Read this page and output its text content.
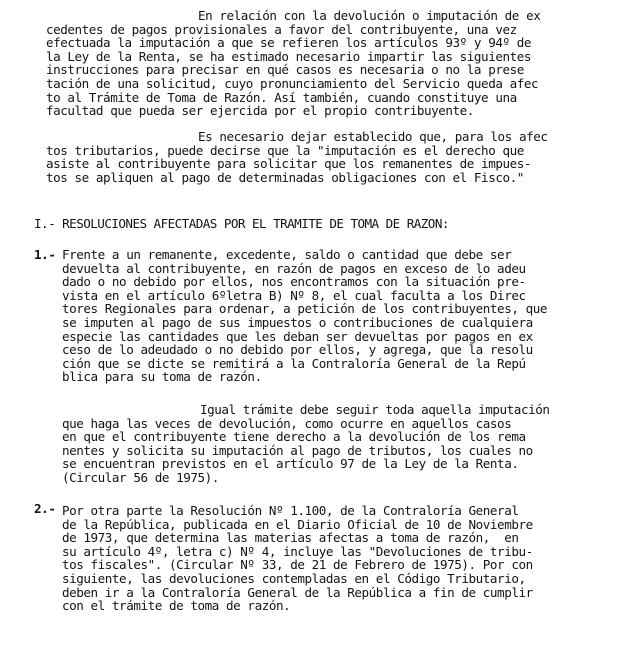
En relación con la devolución o imputación de ex
cedentes de pagos provisionales a favor del contribuyente, una vez
efectuada la imputación a que se refieren los artículos 93º y 94º de
la Ley de la Renta, se ha estimado necesario impartir las siguientes
instrucciones para precisar en qué casos es necesaria o no la prese
tación de una solicitud, cuyo pronunciamiento del Servicio queda afec
to al Trámite de Toma de Razón. Así también, cuando constituye una
facultad que pueda ser ejercida por el propio contribuyente.
Es necesario dejar establecido que, para los afec
tos tributarios, puede decirse que la "imputación es el derecho que
asiste al contribuyente para solicitar que los remanentes de impues-
tos se apliquen al pago de determinadas obligaciones con el Fisco."
I.- RESOLUCIONES AFECTADAS POR EL TRAMITE DE TOMA DE RAZON:
1.- Frente a un remanente, excedente, saldo o cantidad que debe ser
devuelta al contribuyente, en razón de pagos en exceso de lo adeu
dado o no debido por ellos, nos encontramos con la situación pre-
vista en el artículo 6ºletra B) Nº 8, el cual faculta a los Direc
tores Regionales para ordenar, a petición de los contribuyentes, que
se imputen al pago de sus impuestos o contribuciones de cualquiera
especie las cantidades que les deban ser devueltas por pagos en ex
ceso de lo adeudado o no debido por ellos, y agrega, que la resolu
ción que se dicte se remitirá a la Contraloría General de la Repú
blica para su toma de razón.
Igual trámite debe seguir toda aquella imputación
que haga las veces de devolución, como ocurre en aquellos casos
en que el contribuyente tiene derecho a la devolución de los rema
nentes y solicita su imputación al pago de tributos, los cuales no
se encuentran previstos en el artículo 97 de la Ley de la Renta.
(Circular 56 de 1975).
2.- Por otra parte la Resolución Nº 1.100, de la Contraloría General
de la República, publicada en el Diario Oficial de 10 de Noviembre
de 1973, que determina las materias afectas a toma de razón,  en
su artículo 4º, letra c) Nº 4, incluye las "Devoluciones de tribu-
tos fiscales". (Circular Nº 33, de 21 de Febrero de 1975). Por con
siguiente, las devoluciones contempladas en el Código Tributario,
deben ir a la Contraloría General de la República a fin de cumplir
con el trámite de toma de razón.
